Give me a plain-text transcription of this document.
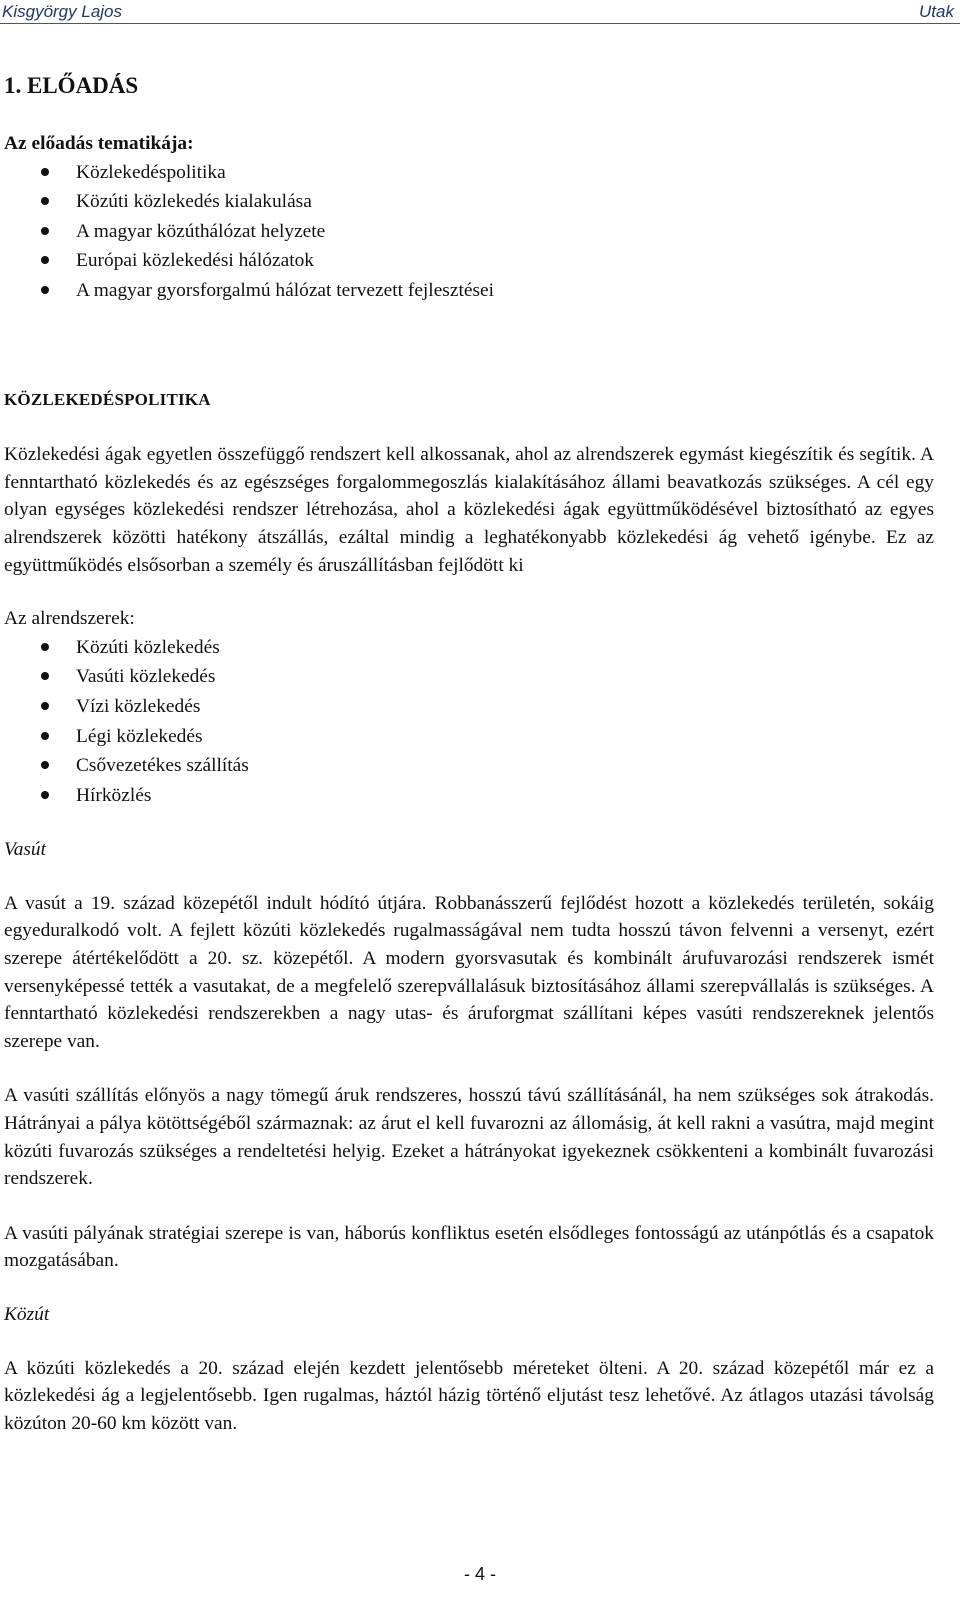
Kisgyörgy Lajos	Utak
1. ELŐADÁS

Az előadás tematikája:

Közlekedéspolitika
Közúti közlekedés kialakulása
A magyar közúthálózat helyzete
Európai közlekedési hálózatok
A magyar gyorsforgalmú hálózat tervezett fejlesztései

KÖZLEKEDÉSPOLITIKA

Közlekedési ágak egyetlen összefüggő rendszert kell alkossanak, ahol az alrendszerek egymást kiegészítik és segítik. A fenntartható közlekedés és az egészséges forgalommegoszlás kialakításához állami beavatkozás szükséges. A cél egy olyan egységes közlekedési rendszer létrehozása, ahol a közlekedési ágak együttműködésével biztosítható az egyes alrendszerek közötti hatékony átszállás, ezáltal mindig a leghatékonyabb közlekedési ág vehető igénybe. Ez az együttműködés elsősorban a személy és áruszállításban fejlődött ki

Az alrendszerek:

Közúti közlekedés
Vasúti közlekedés
Vízi közlekedés
Légi közlekedés
Csővezetékes szállítás
Hírközlés

Vasút

A vasút a 19. század közepétől indult hódító útjára. Robbanásszerű fejlődést hozott a közlekedés területén, sokáig egyeduralkodó volt. A fejlett közúti közlekedés rugalmasságával nem tudta hosszú távon felvenni a versenyt, ezért szerepe átértékelődött a 20. sz. közepétől. A modern gyorsvasutak és kombinált árufuvarozási rendszerek ismét versenyképessé tették a vasutakat, de a megfelelő szerepvállalásuk biztosításához állami szerepvállalás is szükséges. A fenntartható közlekedési rendszerekben a nagy utas- és áruforgmat szállítani képes vasúti rendszereknek jelentős szerepe van.

A vasúti szállítás előnyös a nagy tömegű áruk rendszeres, hosszú távú szállításánál, ha nem szükséges sok átrakodás. Hátrányai a pálya kötöttségéből származnak: az árut el kell fuvarozni az állomásig, át kell rakni a vasútra, majd megint közúti fuvarozás szükséges a rendeltetési helyig. Ezeket a hátrányokat igyekeznek csökkenteni a kombinált fuvarozási rendszerek.

A vasúti pályának stratégiai szerepe is van, háborús konfliktus esetén elsődleges fontosságú az utánpótlás és a csapatok mozgatásában.

Közút

A közúti közlekedés a 20. század elején kezdett jelentősebb méreteket ölteni. A 20. század közepétől már ez a közlekedési ág a legjelentősebb. Igen rugalmas, háztól házig történő eljutást tesz lehetővé. Az átlagos utazási távolság közúton 20-60 km között van.

- 4 -
